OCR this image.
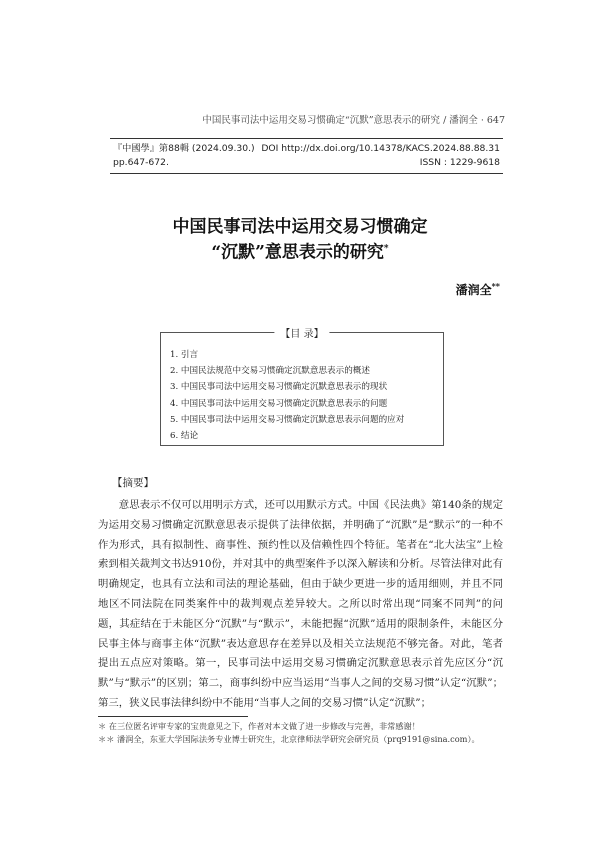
中国民事司法中运用交易习惯确定“沉默”意思表示的研究 / 潘润全 · 647
『中國學』第88輯 (2024.09.30.) DOI http://dx.doi.org/10.14378/KACS.2024.88.88.31
pp.647-672.	ISSN : 1229-9618
中国民事司法中运用交易习惯确定
“沉默”意思表示的研究*
潘润全**
【目 录】
1. 引言
2. 中国民法规范中交易习惯确定沉默意思表示的概述
3. 中国民事司法中运用交易习惯确定沉默意思表示的现状
4. 中国民事司法中运用交易习惯确定沉默意思表示的问题
5. 中国民事司法中运用交易习惯确定沉默意思表示问题的应对
6. 结论
【摘要】
意思表示不仅可以用明示方式，还可以用默示方式。中国《民法典》第140条的规定为运用交易习惯确定沉默意思表示提供了法律依据，并明确了“沉默”是“默示”的一种不作为形式，具有拟制性、商事性、预约性以及信赖性四个特征。笔者在“北大法宝”上检索到相关裁判文书达910份，并对其中的典型案件予以深入解读和分析。尽管法律对此有明确规定，也具有立法和司法的理论基础，但由于缺少更进一步的适用细则，并且不同地区不同法院在同类案件中的裁判观点差异较大。之所以时常出现“同案不同判”的问题，其症结在于未能区分“沉默”与“默示”，未能把握“沉默”适用的限制条件，未能区分民事主体与商事主体“沉默”表达意思存在差异以及相关立法规范不够完备。对此，笔者提出五点应对策略。第一，民事司法中运用交易习惯确定沉默意思表示首先应区分“沉默”与“默示”的区别；第二，商事纠纷中应当运用“当事人之间的交易习惯”认定“沉默”；第三，狭义民事法律纠纷中不能用“当事人之间的交易习惯”认定“沉默”；
＊ 在三位匿名评审专家的宝贵意见之下，作者对本文做了进一步修改与完善，非常感谢！
＊＊ 潘润全，东亚大学国际法务专业博士研究生，北京律师法学研究会研究员（prq9191@sina.com）。
